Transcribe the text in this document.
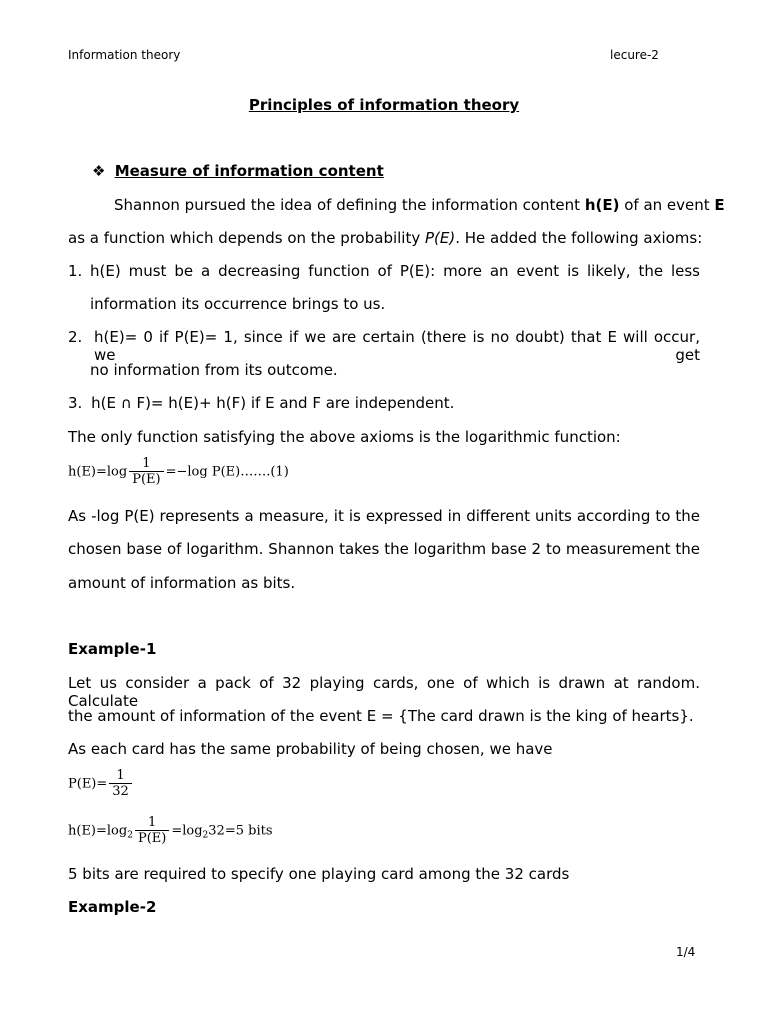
Information theory	lecure-2
Principles of information theory
❖ Measure of information content
Shannon pursued the idea of defining the information content h(E) of an event E
as a function which depends on the probability P(E). He added the following axioms:
1. h(E) must be a decreasing function of P(E): more an event is likely, the less
information its occurrence brings to us.
2. h(E)= 0 if P(E)= 1, since if we are certain (there is no doubt) that E will occur, we get
no information from its outcome.
3. h(E ∩ F)= h(E)+ h(F) if E and F are independent.
The only function satisfying the above axioms is the logarithmic function:
$h(E)=\log \frac{1}{P(E)} =-\log$ P(E)…….(1)
As -log P(E) represents a measure, it is expressed in different units according to the
chosen base of logarithm. Shannon takes the logarithm base 2 to measurement the
amount of information as bits.
Example-1
Let us consider a pack of 32 playing cards, one of which is drawn at random. Calculate
the amount of information of the event E = {The card drawn is the king of hearts}.
As each card has the same probability of being chosen, we have
$P(E)= \frac{1}{32}$
$h(E)=\log_2 \frac{1}{P(E)} =\log_232=5$ bits
5 bits are required to specify one playing card among the 32 cards
Example-2
1/4
